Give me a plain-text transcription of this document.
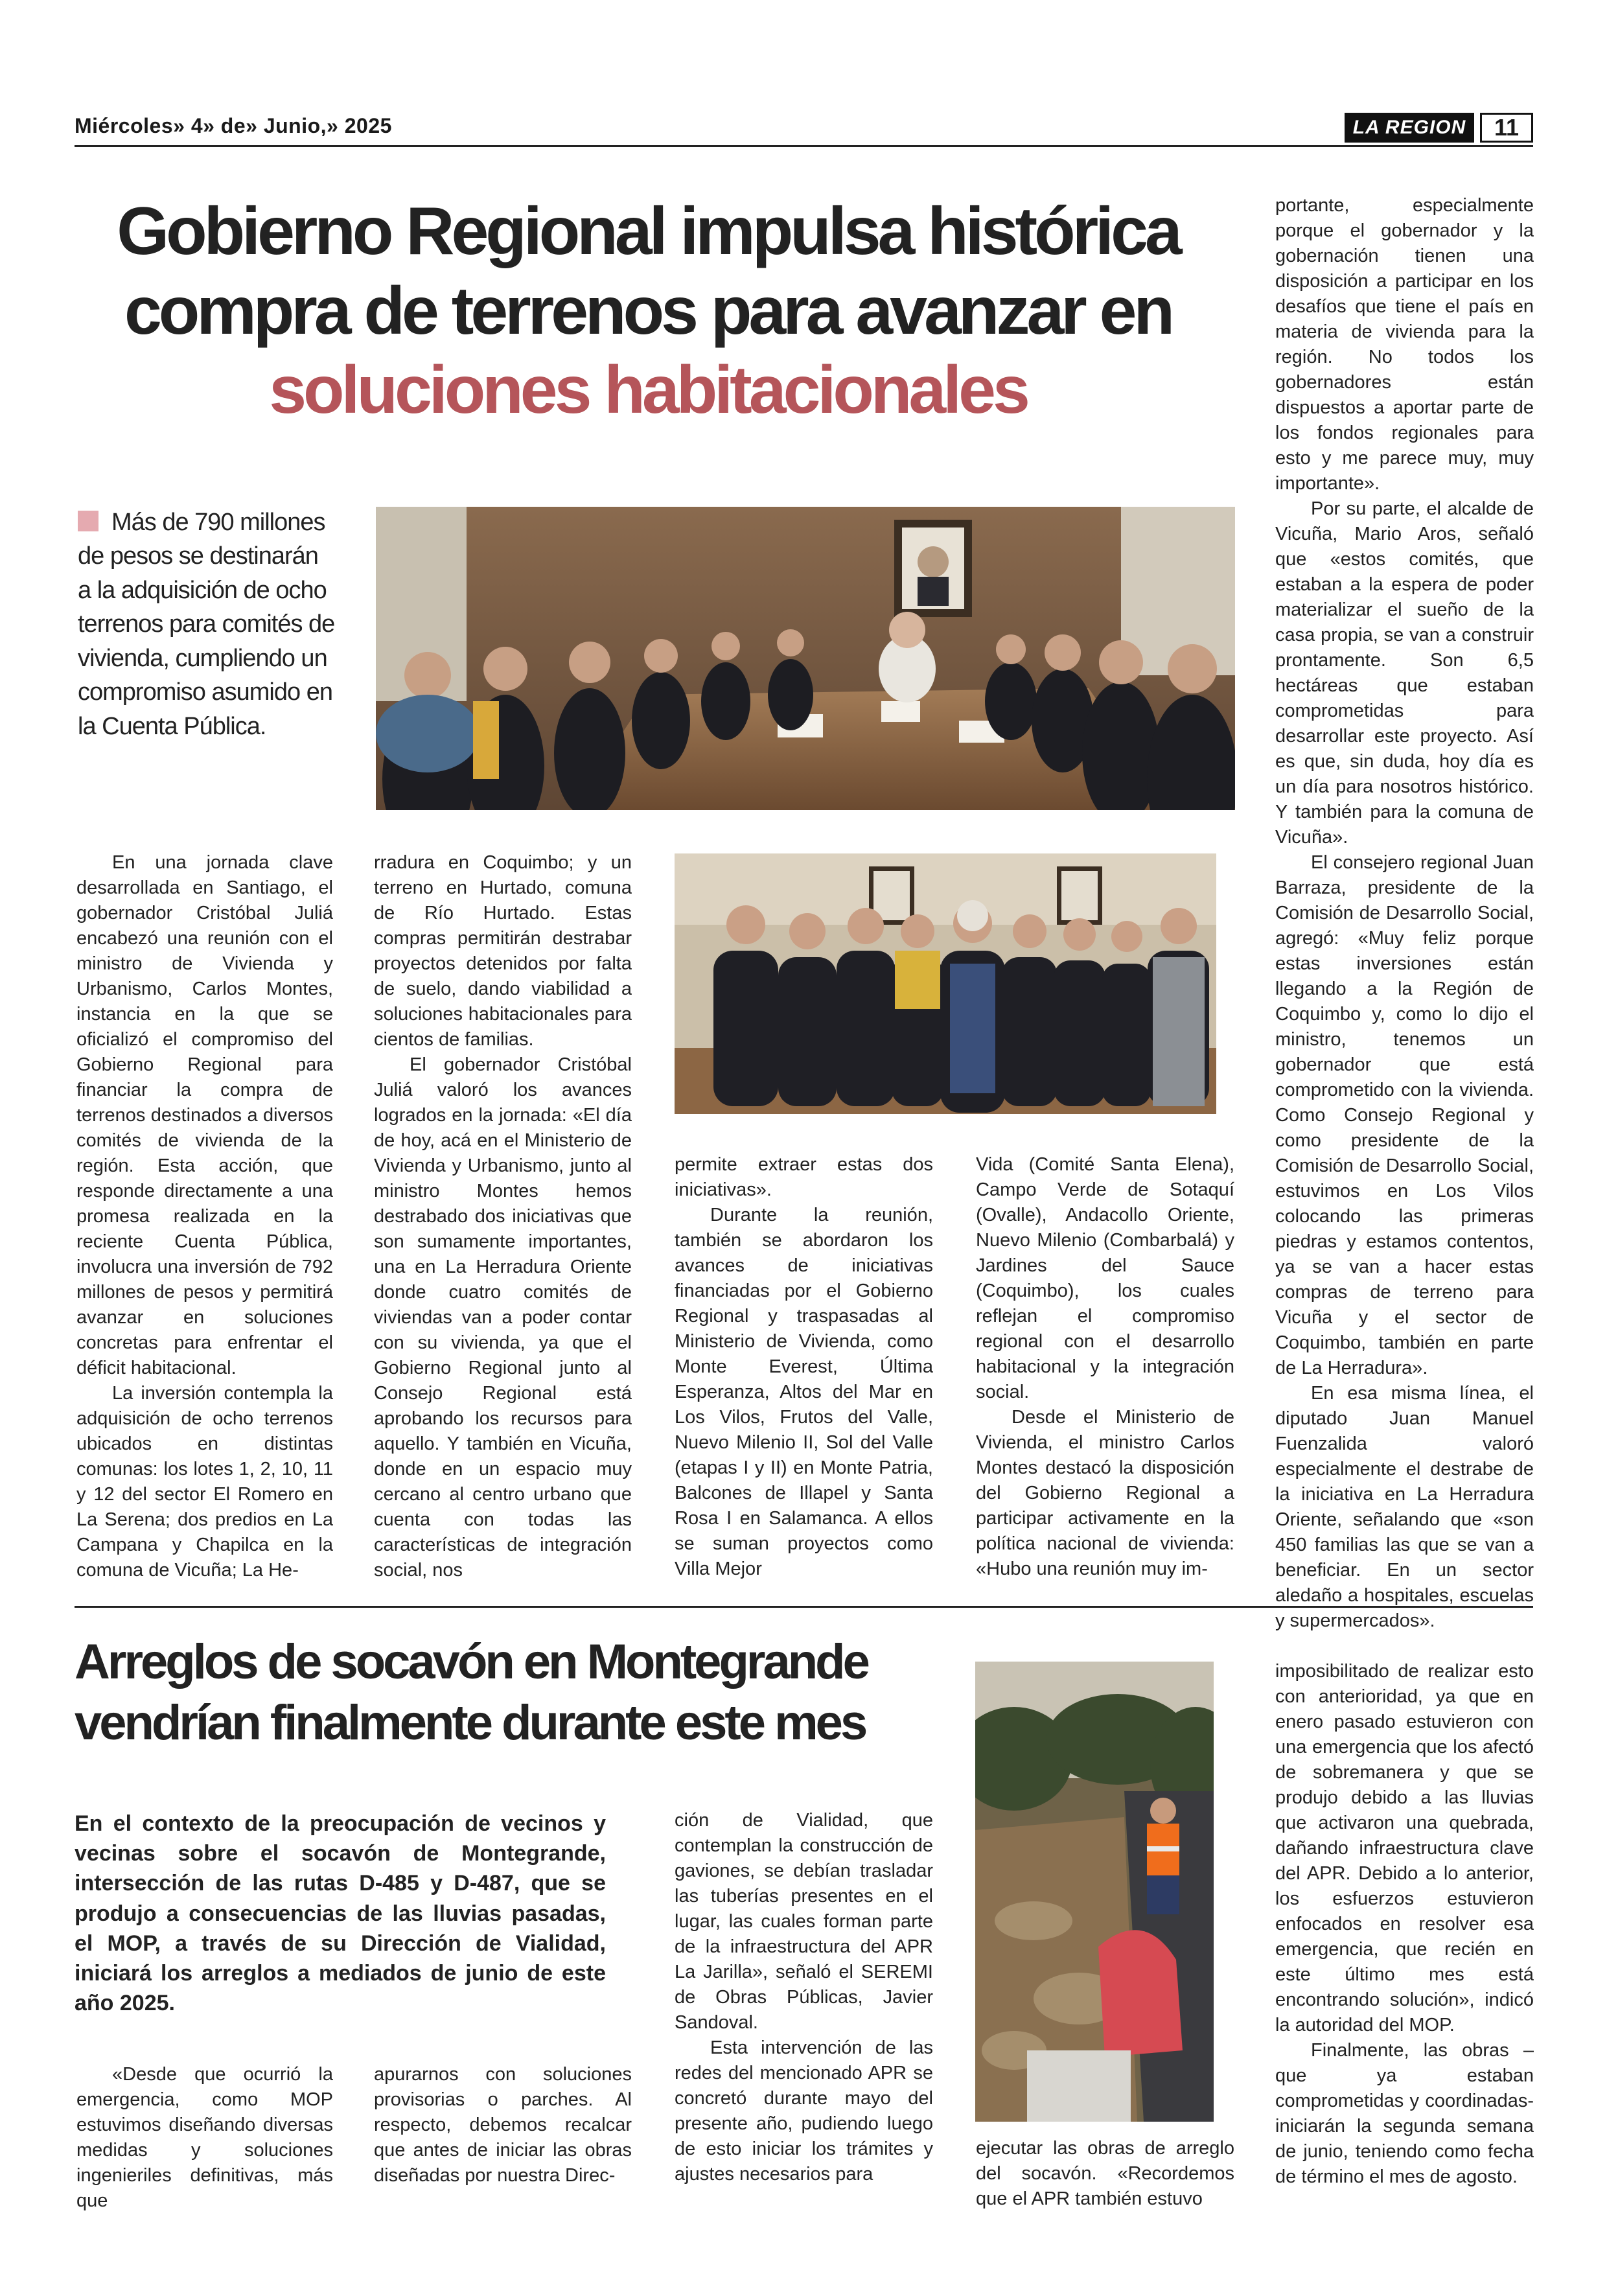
Miércoles» 4» de» Junio,» 2025	LA REGION	11
Gobierno Regional impulsa histórica
compra de terrenos para avanzar en
soluciones habitacionales
Más de 790 millones de pesos se destinarán a la adquisición de ocho terrenos para comités de vivienda, cumpliendo un compromiso asumido en la Cuenta Pública.

En una jornada clave desarrollada en Santiago, el gobernador Cristóbal Juliá encabezó una reunión con el ministro de Vivienda y Urbanismo, Carlos Montes, instancia en la que se oficializó el compromiso del Gobierno Regional para financiar la compra de terrenos destinados a diversos comités de vivienda de la región. Esta acción, que responde directamente a una promesa realizada en la reciente Cuenta Pública, involucra una inversión de 792 millones de pesos y permitirá avanzar en soluciones concretas para enfrentar el déficit habitacional.

La inversión contempla la adquisición de ocho terrenos ubicados en distintas comunas: los lotes 1, 2, 10, 11 y 12 del sector El Romero en La Serena; dos predios en La Campana y Chapilca en la comuna de Vicuña; La He-

rradura en Coquimbo; y un terreno en Hurtado, comuna de Río Hurtado. Estas compras permitirán destrabar proyectos detenidos por falta de suelo, dando viabilidad a soluciones habitacionales para cientos de familias.

El gobernador Cristóbal Juliá valoró los avances logrados en la jornada: «El día de hoy, acá en el Ministerio de Vivienda y Urbanismo, junto al ministro Montes hemos destrabado dos iniciativas que son sumamente importantes, una en La Herradura Oriente donde cuatro comités de viviendas van a poder contar con su vivienda, ya que el Gobierno Regional junto al Consejo Regional está aprobando los recursos para aquello. Y también en Vicuña, donde en un espacio muy cercano al centro urbano que cuenta con todas las características de integración social, nos

permite extraer estas dos iniciativas».

Durante la reunión, también se abordaron los avances de iniciativas financiadas por el Gobierno Regional y traspasadas al Ministerio de Vivienda, como Monte Everest, Última Esperanza, Altos del Mar en Los Vilos, Frutos del Valle, Nuevo Milenio II, Sol del Valle (etapas I y II) en Monte Patria, Balcones de Illapel y Santa Rosa I en Salamanca. A ellos se suman proyectos como Villa Mejor

Vida (Comité Santa Elena), Campo Verde de Sotaquí (Ovalle), Andacollo Oriente, Nuevo Milenio (Combarbalá) y Jardines del Sauce (Coquimbo), los cuales reflejan el compromiso regional con el desarrollo habitacional y la integración social.

Desde el Ministerio de Vivienda, el ministro Carlos Montes destacó la disposición del Gobierno Regional a participar activamente en la política nacional de vivienda: «Hubo una reunión muy im-

portante, especialmente porque el gobernador y la gobernación tienen una disposición a participar en los desafíos que tiene el país en materia de vivienda para la región. No todos los gobernadores están dispuestos a aportar parte de los fondos regionales para esto y me parece muy, muy importante».

Por su parte, el alcalde de Vicuña, Mario Aros, señaló que «estos comités, que estaban a la espera de poder materializar el sueño de la casa propia, se van a construir prontamente. Son 6,5 hectáreas que estaban comprometidas para desarrollar este proyecto. Así es que, sin duda, hoy día es un día para nosotros histórico. Y también para la comuna de Vicuña».

El consejero regional Juan Barraza, presidente de la Comisión de Desarrollo Social, agregó: «Muy feliz porque estas inversiones están llegando a la Región de Coquimbo y, como lo dijo el ministro, tenemos un gobernador que está comprometido con la vivienda. Como Consejo Regional y como presidente de la Comisión de Desarrollo Social, estuvimos en Los Vilos colocando las primeras piedras y estamos contentos, ya se van a hacer estas compras de terreno para Vicuña y el sector de Coquimbo, también en parte de La Herradura».

En esa misma línea, el diputado Juan Manuel Fuenzalida valoró especialmente el destrabe de la iniciativa en La Herradura Oriente, señalando que «son 450 familias las que se van a beneficiar. En un sector aledaño a hospitales, escuelas y supermercados».

Arreglos de socavón en Montegrande
vendrían finalmente durante este mes
En el contexto de la preocupación de vecinos y vecinas sobre el socavón de Montegrande, intersección de las rutas D-485 y D-487, que se produjo a consecuencias de las lluvias pasadas, el MOP, a través de su Dirección de Vialidad, iniciará los arreglos a mediados de junio de este año 2025.

«Desde que ocurrió la emergencia, como MOP estuvimos diseñando diversas medidas y soluciones ingenieriles definitivas, más que

apurarnos con soluciones provisorias o parches. Al respecto, debemos recalcar que antes de iniciar las obras diseñadas por nuestra Direc-

ción de Vialidad, que contemplan la construcción de gaviones, se debían trasladar las tuberías presentes en el lugar, las cuales forman parte de la infraestructura del APR La Jarilla», señaló el SEREMI de Obras Públicas, Javier Sandoval.

Esta intervención de las redes del mencionado APR se concretó durante mayo del presente año, pudiendo luego de esto iniciar los trámites y ajustes necesarios para

ejecutar las obras de arreglo del socavón. «Recordemos que el APR también estuvo

imposibilitado de realizar esto con anterioridad, ya que en enero pasado estuvieron con una emergencia que los afectó de sobremanera y que se produjo debido a las lluvias que activaron una quebrada, dañando infraestructura clave del APR. Debido a lo anterior, los esfuerzos estuvieron enfocados en resolver esa emergencia, que recién en este último mes está encontrando solución», indicó la autoridad del MOP.

Finalmente, las obras –que ya estaban comprometidas y coordinadas- iniciarán la segunda semana de junio, teniendo como fecha de término el mes de agosto.
